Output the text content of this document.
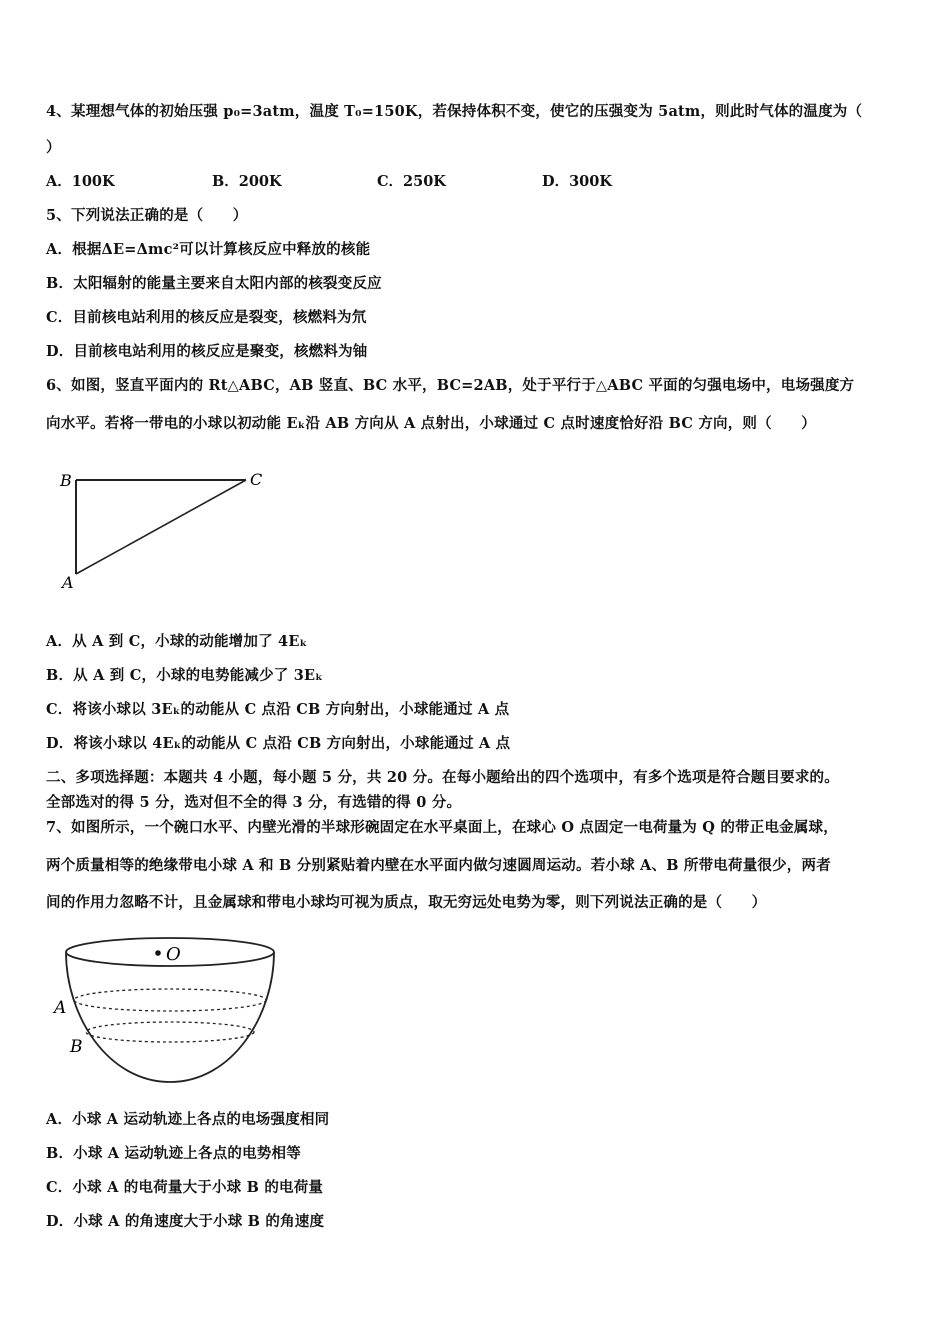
4、某理想气体的初始压强 p₀=3atm，温度 T₀=150K，若保持体积不变，使它的压强变为 5atm，则此时气体的温度为（
）
A．100K	B．200K	C．250K	D．300K
5、下列说法正确的是（　　）
A．根据ΔE=Δmc²可以计算核反应中释放的核能
B．太阳辐射的能量主要来自太阳内部的核裂变反应
C．目前核电站利用的核反应是裂变，核燃料为氘
D．目前核电站利用的核反应是聚变，核燃料为铀
6、如图，竖直平面内的 Rt△ABC，AB 竖直、BC 水平，BC=2AB，处于平行于△ABC 平面的匀强电场中，电场强度方
向水平。若将一带电的小球以初动能 Eₖ沿 AB 方向从 A 点射出，小球通过 C 点时速度恰好沿 BC 方向，则（　　）
B	C
A
A．从 A 到 C，小球的动能增加了 4Eₖ
B．从 A 到 C，小球的电势能减少了 3Eₖ
C．将该小球以 3Eₖ的动能从 C 点沿 CB 方向射出，小球能通过 A 点
D．将该小球以 4Eₖ的动能从 C 点沿 CB 方向射出，小球能通过 A 点
二、多项选择题：本题共 4 小题，每小题 5 分，共 20 分。在每小题给出的四个选项中，有多个选项是符合题目要求的。
全部选对的得 5 分，选对但不全的得 3 分，有选错的得 0 分。
7、如图所示，一个碗口水平、内壁光滑的半球形碗固定在水平桌面上，在球心 O 点固定一电荷量为 Q 的带正电金属球，
两个质量相等的绝缘带电小球 A 和 B 分别紧贴着内壁在水平面内做匀速圆周运动。若小球 A、B 所带电荷量很少，两者
间的作用力忽略不计，且金属球和带电小球均可视为质点，取无穷远处电势为零，则下列说法正确的是（　　）
O
A
B
A．小球 A 运动轨迹上各点的电场强度相同
B．小球 A 运动轨迹上各点的电势相等
C．小球 A 的电荷量大于小球 B 的电荷量
D．小球 A 的角速度大于小球 B 的角速度
